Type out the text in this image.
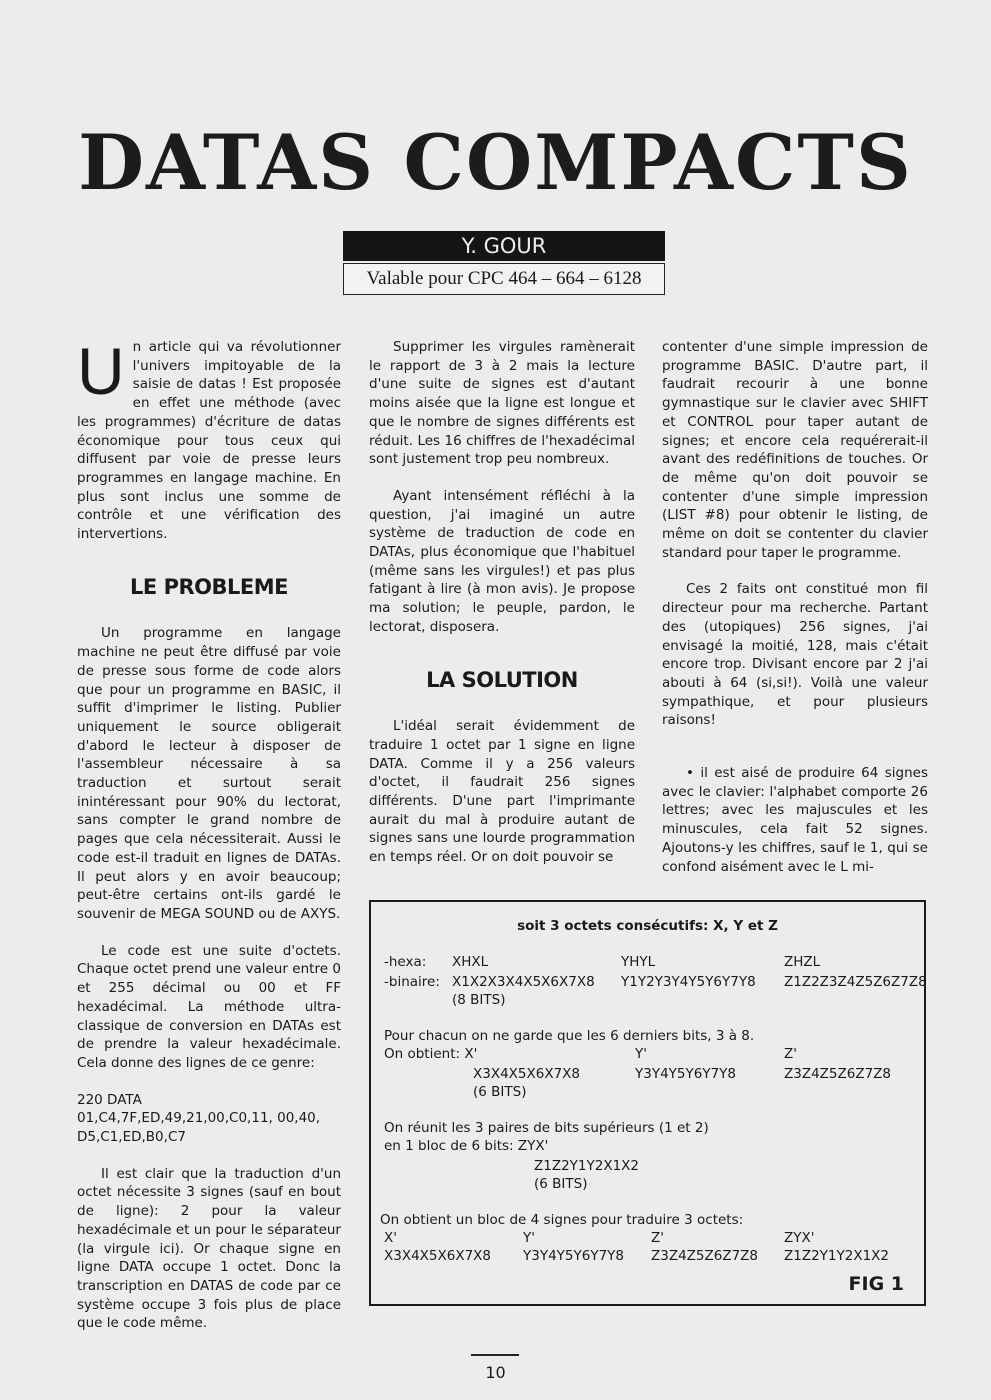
DATAS COMPACTS
Y. GOUR
Valable pour CPC 464 – 664 – 6128

U n article qui va révolutionner l'univers impitoyable de la saisie de datas ! Est proposée en effet une méthode (avec les programmes) d'écriture de datas économique pour tous ceux qui diffusent par voie de presse leurs programmes en langage machine. En plus sont inclus une somme de contrôle et une vérification des intervertions.

LE PROBLEME

Un programme en langage machine ne peut être diffusé par voie de presse sous forme de code alors que pour un programme en BASIC, il suffit d'imprimer le listing. Publier uniquement le source obligerait d'abord le lecteur à disposer de l'assembleur nécessaire à sa traduction et surtout serait inintéressant pour 90% du lectorat, sans compter le grand nombre de pages que cela nécessiterait. Aussi le code est-il traduit en lignes de DATAs. Il peut alors y en avoir beaucoup; peut-être certains ont-ils gardé le souvenir de MEGA SOUND ou de AXYS.

Le code est une suite d'octets. Chaque octet prend une valeur entre 0 et 255 décimal ou 00 et FF hexadécimal. La méthode ultra-classique de conversion en DATAs est de prendre la valeur hexadécimale. Cela donne des lignes de ce genre:

220 DATA 01,C4,7F,ED,49,21,00,C0,11, 00,40, D5,C1,ED,B0,C7

Il est clair que la traduction d'un octet nécessite 3 signes (sauf en bout de ligne): 2 pour la valeur hexadécimale et un pour le séparateur (la virgule ici). Or chaque signe en ligne DATA occupe 1 octet. Donc la transcription en DATAS de code par ce système occupe 3 fois plus de place que le code même.

Supprimer les virgules ramènerait le rapport de 3 à 2 mais la lecture d'une suite de signes est d'autant moins aisée que la ligne est longue et que le nombre de signes différents est réduit. Les 16 chiffres de l'hexadécimal sont justement trop peu nombreux.

Ayant intensément réfléchi à la question, j'ai imaginé un autre système de traduction de code en DATAs, plus économique que l'habituel (même sans les virgules!) et pas plus fatigant à lire (à mon avis). Je propose ma solution; le peuple, pardon, le lectorat, disposera.

LA SOLUTION

L'idéal serait évidemment de traduire 1 octet par 1 signe en ligne DATA. Comme il y a 256 valeurs d'octet, il faudrait 256 signes différents. D'une part l'imprimante aurait du mal à produire autant de signes sans une lourde programmation en temps réel. Or on doit pouvoir se

contenter d'une simple impression de programme BASIC. D'autre part, il faudrait recourir à une bonne gymnastique sur le clavier avec SHIFT et CONTROL pour taper autant de signes; et encore cela requérerait-il avant des redéfinitions de touches. Or de même qu'on doit pouvoir se contenter d'une simple impression (LIST #8) pour obtenir le listing, de même on doit se contenter du clavier standard pour taper le programme.

Ces 2 faits ont constitué mon fil directeur pour ma recherche. Partant des (utopiques) 256 signes, j'ai envisagé la moitié, 128, mais c'était encore trop. Divisant encore par 2 j'ai abouti à 64 (si,si!). Voilà une valeur sympathique, et pour plusieurs raisons!

• il est aisé de produire 64 signes avec le clavier: l'alphabet comporte 26 lettres; avec les majuscules et les minuscules, cela fait 52 signes. Ajoutons-y les chiffres, sauf le 1, qui se confond aisément avec le L mi-

soit 3 octets consécutifs: X, Y et Z
-hexa: XHXL	YHYL	ZHZL
-binaire: X1X2X3X4X5X6X7X8 Y1Y2Y3Y4Y5Y6Y7Y8 Z1Z2Z3Z4Z5Z6Z7Z8
(8 BITS)
Pour chacun on ne garde que les 6 derniers bits, 3 à 8.
On obtient: X'	Y'	Z'
X3X4X5X6X7X8	Y3Y4Y5Y6Y7Y8	Z3Z4Z5Z6Z7Z8
(6 BITS)
On réunit les 3 paires de bits supérieurs (1 et 2)
en 1 bloc de 6 bits: ZYX'
Z1Z2Y1Y2X1X2
(6 BITS)
On obtient un bloc de 4 signes pour traduire 3 octets:
X'	Y'	Z'	ZYX'
X3X4X5X6X7X8 Y3Y4Y5Y6Y7Y8 Z3Z4Z5Z6Z7Z8 Z1Z2Y1Y2X1X2
FIG 1
10
